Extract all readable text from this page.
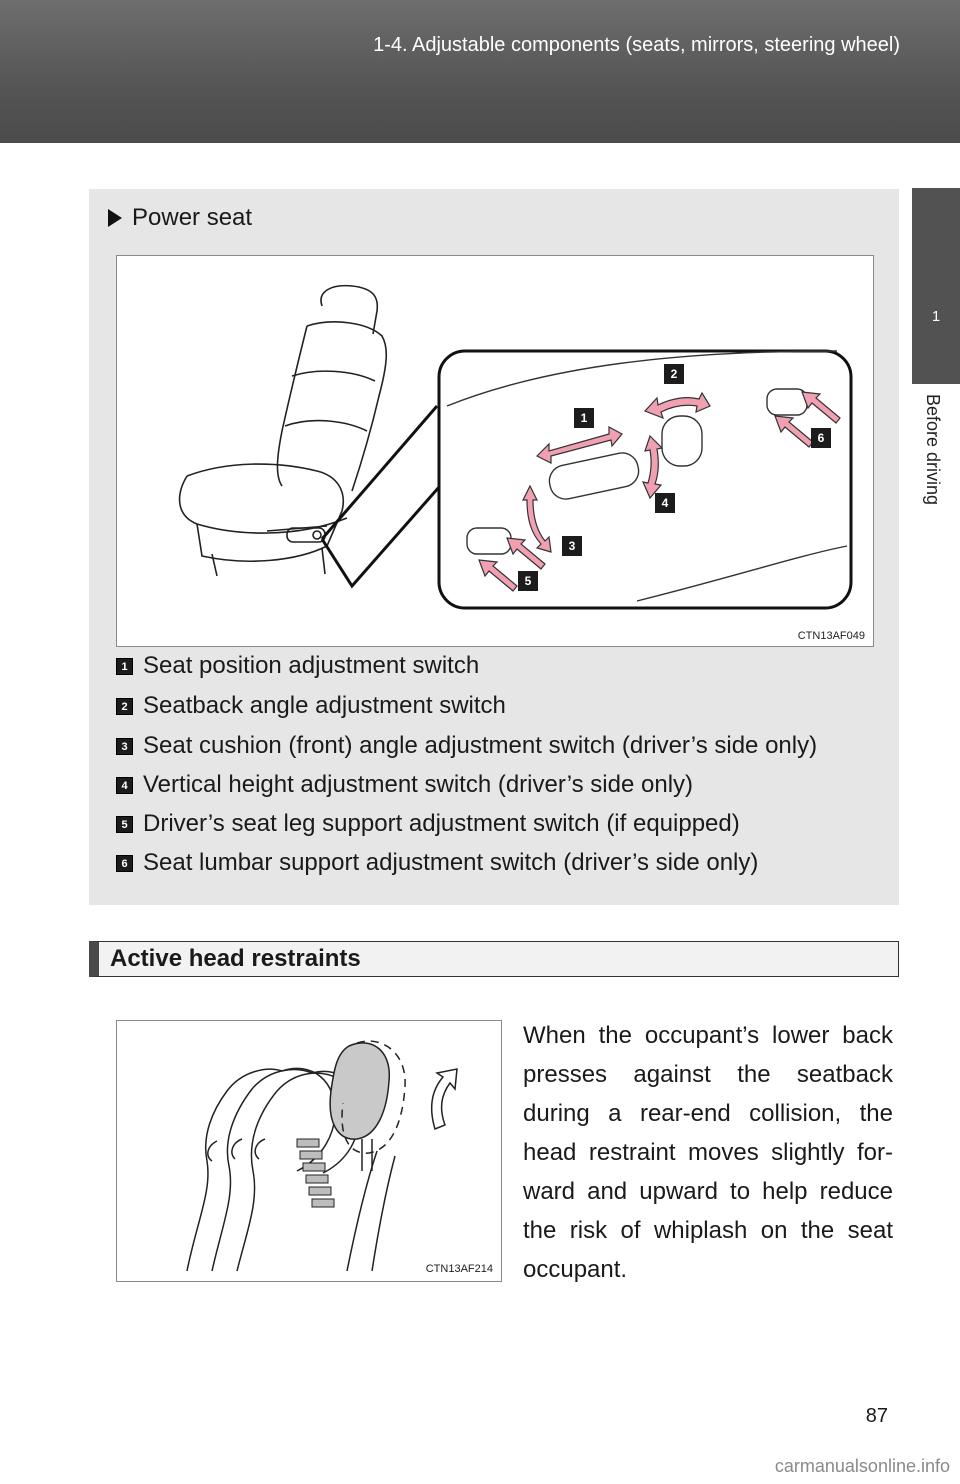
1-4. Adjustable components (seats, mirrors, steering wheel)
1
Before driving
Power seat
1
2
3
4
5
6
CTN13AF049
1 Seat position adjustment switch
2 Seatback angle adjustment switch
3 Seat cushion (front) angle adjustment switch (driver’s side only)
4 Vertical height adjustment switch (driver’s side only)
5 Driver’s seat leg support adjustment switch (if equipped)
6 Seat lumbar support adjustment switch (driver’s side only)
Active head restraints
CTN13AF214
When the occupant’s lower back presses against the seatback during a rear-end collision, the head restraint moves slightly for-ward and upward to help reduce the risk of whiplash on the seat occupant.
87
carmanualsonline.info
